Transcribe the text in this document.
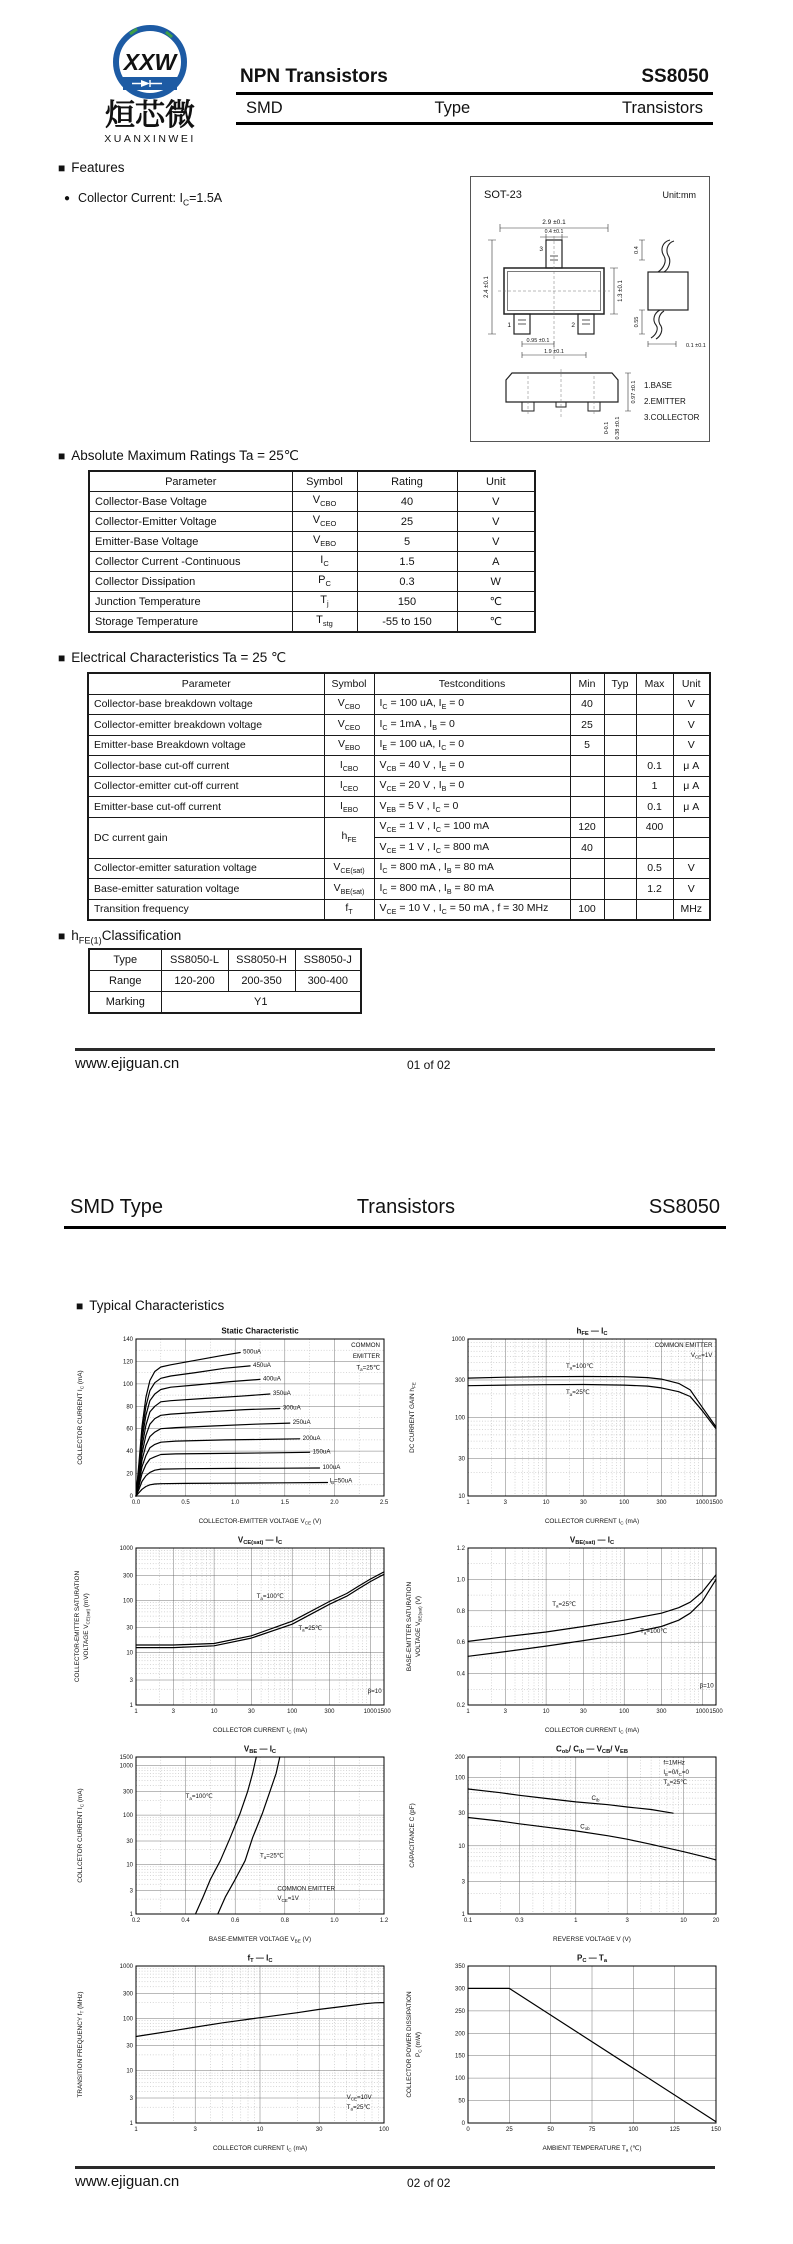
XXW
烜芯微
XUANXINWEI
NPN Transistors	SS8050
SMD	Type	Transistors
■ Features
● Collector Current: $I_C=1.5A$	SOT-23	Unit:mm
3
1	2
2.9 ±0.1
0.4 ±0.1
2.4 ±0.1	1.3 ±0.1
0.95 ±0.1
1.9 ±0.1
0.4
0.55
0.1 ±0.1
0.97 ±0.1
0-0.1 0.38 ±0.1
1.BASE
2.EMITTER
3.COLLECTOR
■ Absolute Maximum Ratings Ta = 25℃
Parameter	Symbol	Rating	Unit
Collector-Base Voltage	$V_{CBO}$	40	V
Collector-Emitter Voltage	$V_{CEO}$	25	V
Emitter-Base Voltage	$V_{EBO}$	5	V
Collector Current -Continuous	$I_C$	1.5	A
Collector Dissipation	$P_C$	0.3	W
Junction Temperature	$T_j$	150	℃
Storage Temperature	$T_{stg}$	-55 to 150	℃
■ Electrical Characteristics Ta = 25 ℃
Parameter	Symbol	Testconditions	Min	Typ	Max	Unit
Collector-base breakdown voltage	$V_{CBO}$	$I_C = 100$ uA, $I_E = 0$	40			V
Collector-emitter breakdown voltage	$V_{CEO}$	$I_C = 1mA$ , $I_B = 0$	25			V
Emitter-base Breakdown voltage	$V_{EBO}$	$I_E = 100$ uA, $I_C = 0$	5			V
Collector-base cut-off current	$I_{CBO}$	$V_{CB} = 40$ V , $I_E = 0$			0.1	μ A
Collector-emitter cut-off current	$I_{CEO}$	$V_{CE} = 20$ V , $I_B = 0$			1	μ A
Emitter-base cut-off current	$I_{EBO}$	$V_{EB} = 5$ V , $I_C = 0$			0.1	μ A
DC current gain	$h_{FE}$	$V_{CE} = 1$ V , $I_C = 100$ mA	120		400	
		$V_{CE} = 1$ V , $I_C = 800$ mA	40			
Collector-emitter saturation voltage	$V_{CE(sat)}$	$I_C = 800$ mA , $I_B = 80$ mA			0.5	V
Base-emitter saturation voltage	$V_{BE(sat)}$	$I_C = 800$ mA , $I_B = 80$ mA			1.2	V
Transition frequency	$f_T$	$V_{CE} = 10$ V , $I_C = 50$ mA , f = 30 MHz	100			MHz
■ $h_{FE(1)}Classification$
Type	SS8050-L	SS8050-H	SS8050-J
Range	120-200	200-350	300-400
Marking	Y1		
www.ejiguan.cn	01 of 02
SMD Type	Transistors	SS8050
■ Typical Characteristics
0.0	0.5	1.0	1.5	2.0	2.5
0
20
40
60
80
100
120
140
500uA
450uA
400uA
350uA
300uA
250uA
200uA
150uA
100uA
$I_B=50uA$
COMMON
EMITTER
$T_a=25℃$
Static Characteristic
COLLECTOR-EMITTER VOLTAGE $V_{CE}$ (V)
COLLECTOR CURRENT $I_C$ (mA)
1	3	10	30	100	300	1000 1500
10
30
100
300
1000
$T_a=100℃$
$T_a=25℃$
COMMON EMITTER
$V_{CE}=1V$
$h_{FE}$ — $I_C$
COLLECTOR CURRENT $I_C$ (mA)
DC CURRENT GAIN $h_{FE}$
1	3	10	30	100	300	1000 1500
1
3
10
30
100
300
1000
$T_a=100℃$
$T_a=25℃$
β=10
$V_{CE(sat)}$ — $I_C$
COLLECTOR CURRENT $I_C$ (mA)
COLLECTOR-EMITTER SATURATION VOLTAGE $V_{CE(sat)}$ (mV)
1	3	10	30	100	300	1000 1500
0.2
0.4
0.6
0.8
1.0
1.2
$T_a=25℃$
$T_a=100℃$
β=10
$V_{BE(sat)}$ — $I_C$
COLLECTOR CURRENT $I_C$ (mA)
BASE-EMITTER SATURATION VOLTAGE $V_{BE(sat)}$ (V)
0.2	0.4	0.6	0.8	1.0	1.2
1
3
10
30
100
300
1000
1500
$T_a=100℃$
$T_a=25℃$
COMMON EMITTER
$V_{CE}=1V$
$V_{BE}$ — $I_C$
BASE-EMMITER VOLTAGE $V_{BE}$ (V)
COLLCETOR CURRENT $I_C$ (mA)
0.1	0.3	1	3	10	20
1
3
10
30
100
200
f=1MHz
$I_E=0/I_C=0$
$T_a=25℃$
$C_{ib}$
$C_{ob}$
$C_{ob}/$ $C_{ib}$ — $V_{CB}/$ $V_{EB}$
REVERSE VOLTAGE V (V)
CAPACITANCE C (pF)
1	3	10	30	100
1
3
10
30
100
300
1000
$V_{CE}=10V$
$T_a=25℃$
$f_T$ — $I_C$
COLLECTOR CURRENT $I_C$ (mA)
TRANSITION FREQUENCY $f_T$ (MHz)
0	25	50	75	100	125	150
0
50
100
150
200
250
300
350
$P_C$ — $T_a$
AMBIENT TEMPERATURE $T_a$ (℃)
COLLECTOR POWER DISSIPATION $P_C$ (mW)
www.ejiguan.cn	02 of 02
